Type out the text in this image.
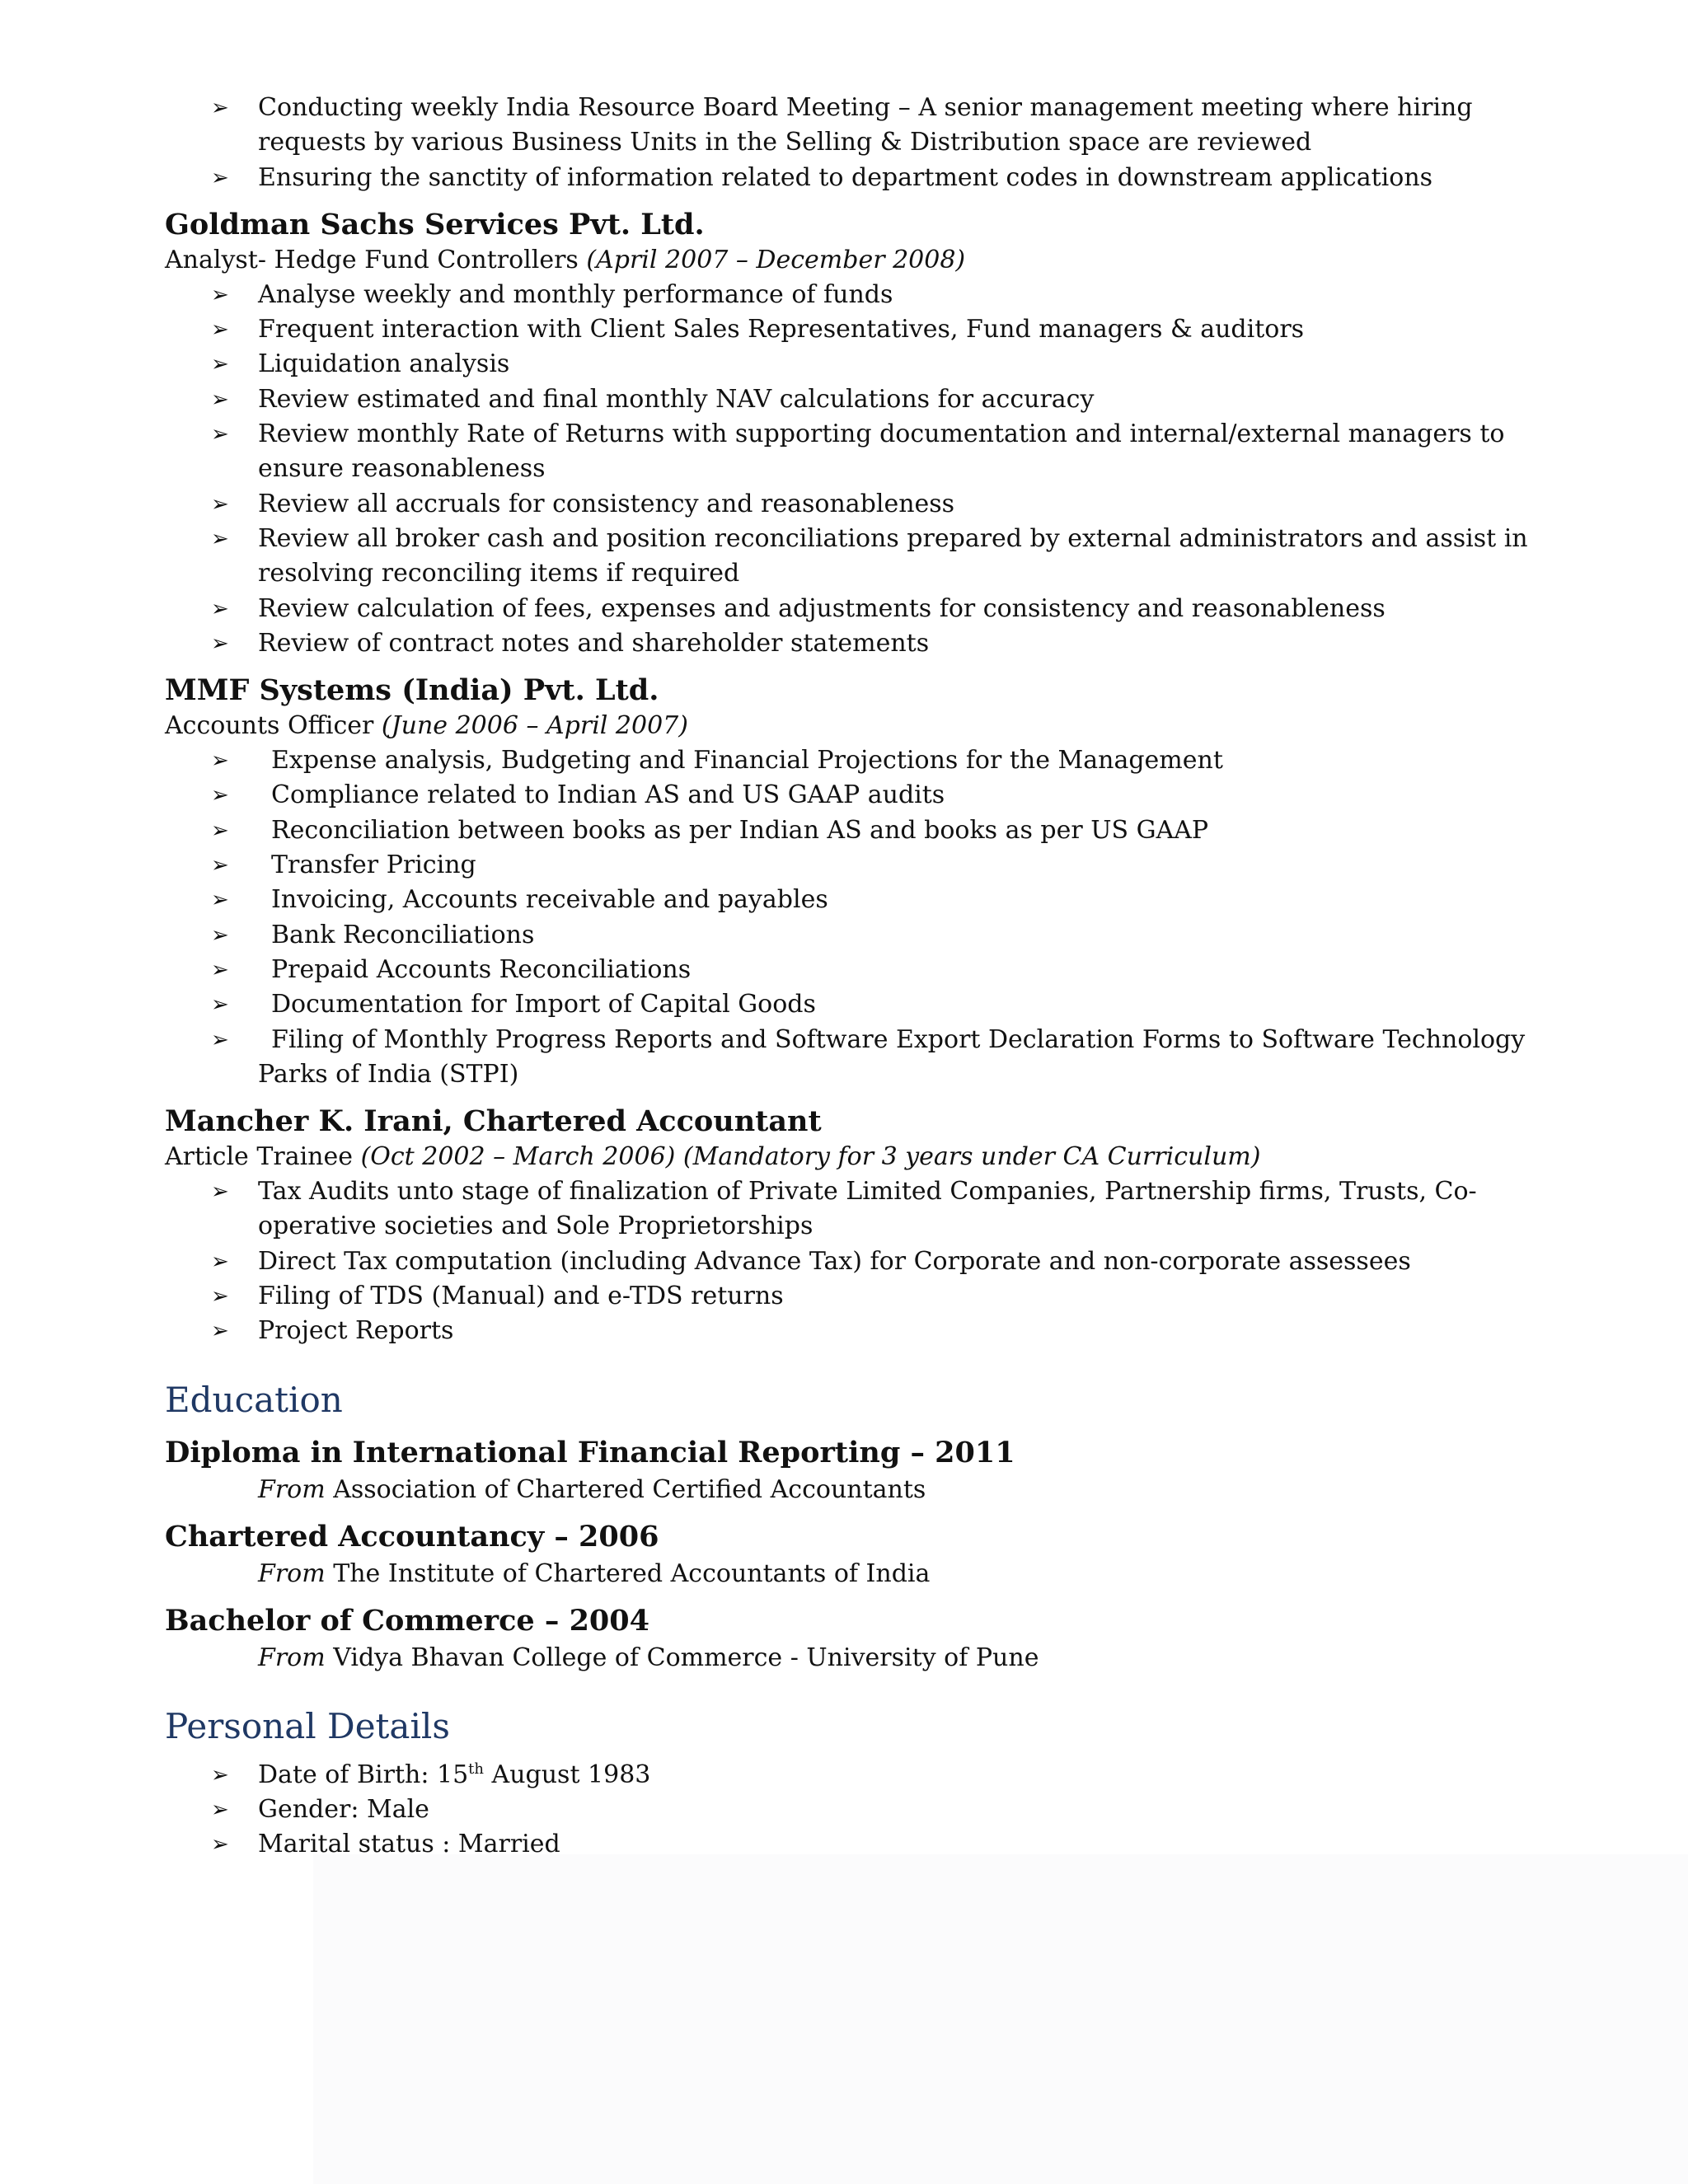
➢ Conducting weekly India Resource Board Meeting – A senior management meeting where hiring requests by various Business Units in the Selling & Distribution space are reviewed
➢ Ensuring the sanctity of information related to department codes in downstream applications
Goldman Sachs Services Pvt. Ltd.
Analyst- Hedge Fund Controllers (April 2007 – December 2008)
➢ Analyse weekly and monthly performance of funds
➢ Frequent interaction with Client Sales Representatives, Fund managers & auditors
➢ Liquidation analysis
➢ Review estimated and final monthly NAV calculations for accuracy
➢ Review monthly Rate of Returns with supporting documentation and internal/external managers to ensure reasonableness
➢ Review all accruals for consistency and reasonableness
➢ Review all broker cash and position reconciliations prepared by external administrators and assist in resolving reconciling items if required
➢ Review calculation of fees, expenses and adjustments for consistency and reasonableness
➢ Review of contract notes and shareholder statements
MMF Systems (India) Pvt. Ltd.
Accounts Officer (June 2006 – April 2007)
➢ Expense analysis, Budgeting and Financial Projections for the Management
➢ Compliance related to Indian AS and US GAAP audits
➢ Reconciliation between books as per Indian AS and books as per US GAAP
➢ Transfer Pricing
➢ Invoicing, Accounts receivable and payables
➢ Bank Reconciliations
➢ Prepaid Accounts Reconciliations
➢ Documentation for Import of Capital Goods
➢ Filing of Monthly Progress Reports and Software Export Declaration Forms to Software Technology Parks of India (STPI)
Mancher K. Irani, Chartered Accountant
Article Trainee (Oct 2002 – March 2006) (Mandatory for 3 years under CA Curriculum)
➢ Tax Audits unto stage of finalization of Private Limited Companies, Partnership firms, Trusts, Co-operative societies and Sole Proprietorships
➢ Direct Tax computation (including Advance Tax) for Corporate and non-corporate assessees
➢ Filing of TDS (Manual) and e-TDS returns
➢ Project Reports
Education
Diploma in International Financial Reporting – 2011
From Association of Chartered Certified Accountants
Chartered Accountancy – 2006
From The Institute of Chartered Accountants of India
Bachelor of Commerce – 2004
From Vidya Bhavan College of Commerce - University of Pune
Personal Details
➢ Date of Birth: 15th August 1983
➢ Gender: Male
➢ Marital status : Married
